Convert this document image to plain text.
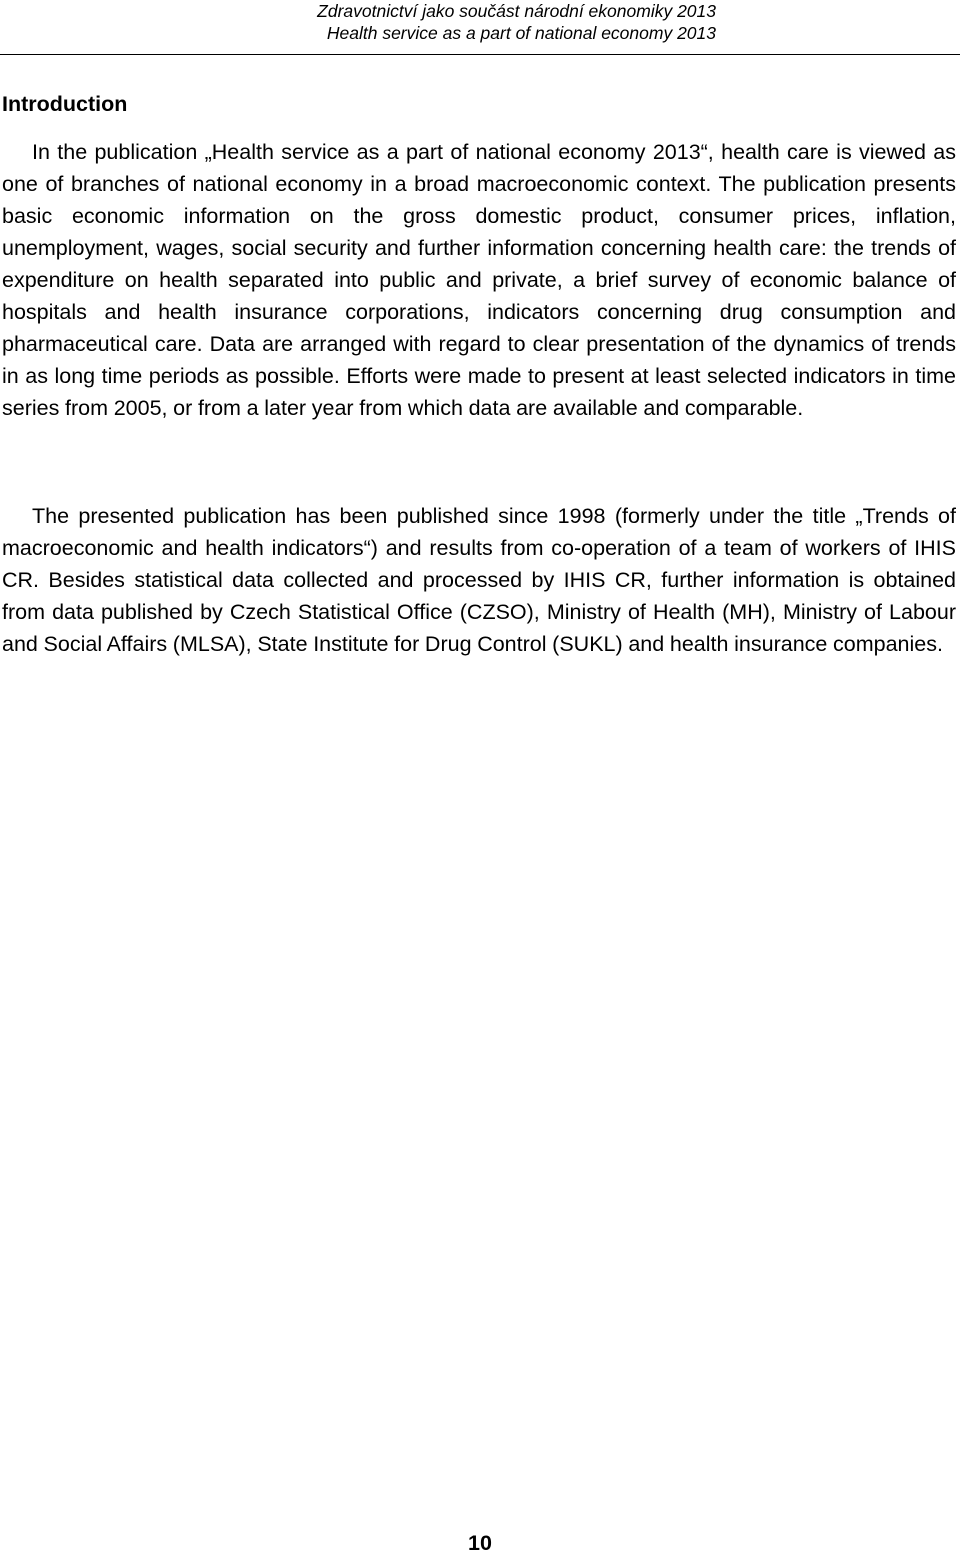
Zdravotnictví jako součást národní ekonomiky 2013
Health service as a part of national economy 2013
Introduction

In the publication „Health service as a part of national economy 2013“, health care is viewed as one of branches of national economy in a broad macroeconomic context. The publication presents basic economic information on the gross domestic product, consumer prices, inflation, unemployment, wages, social security and further information concerning health care: the trends of expenditure on health separated into public and private, a brief survey of economic balance of hospitals and health insurance corporations, indicators concerning drug consumption and pharmaceutical care. Data are arranged with regard to clear presentation of the dynamics of trends in as long time periods as possible. Efforts were made to present at least selected indicators in time series from 2005, or from a later year from which data are available and comparable.

The presented publication has been published since 1998 (formerly under the title „Trends of macroeconomic and health indicators“) and results from co-operation of a team of workers of IHIS CR. Besides statistical data collected and processed by IHIS CR, further information is obtained from data published by Czech Statistical Office (CZSO), Ministry of Health (MH), Ministry of Labour and Social Affairs (MLSA), State Institute for Drug Control (SUKL) and health insurance companies.

10
